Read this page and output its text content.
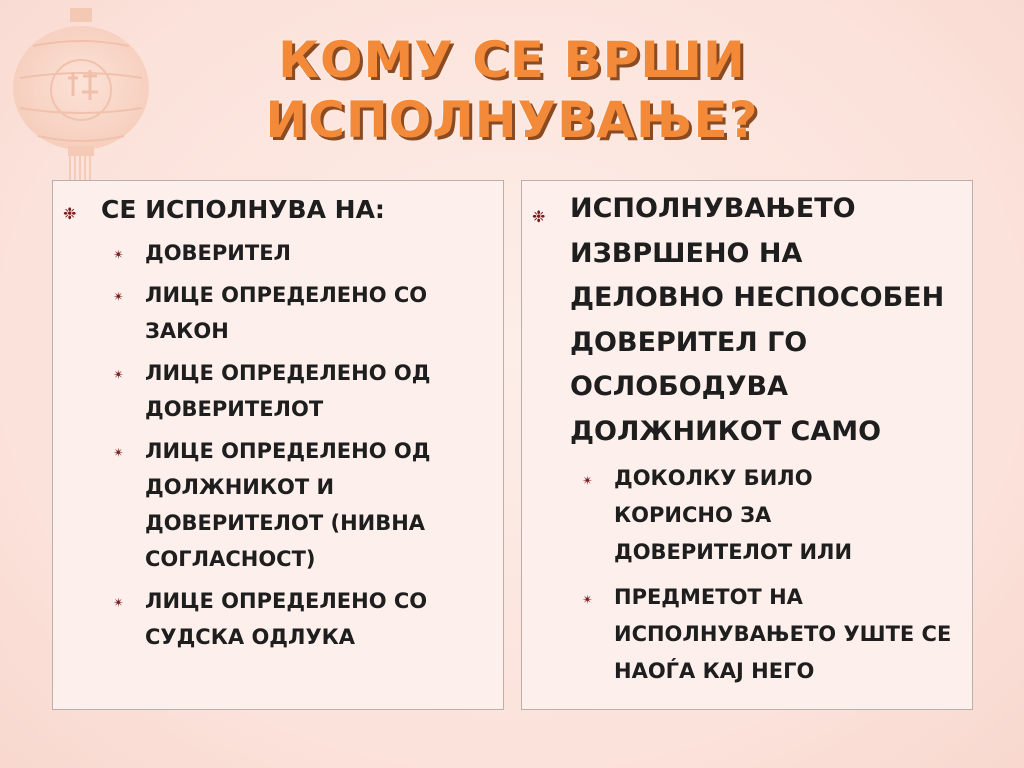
КОМУ СЕ ВРШИ
ИСПОЛНУВАЊЕ?
❉ СЕ ИСПОЛНУВА НА:
✴ ДОВЕРИТЕЛ
✴ ЛИЦЕ ОПРЕДЕЛЕНО СО ЗАКОН
✴ ЛИЦЕ ОПРЕДЕЛЕНО ОД ДОВЕРИТЕЛОТ
✴ ЛИЦЕ ОПРЕДЕЛЕНО ОД ДОЛЖНИКОТ И ДОВЕРИТЕЛОТ (НИВНА СОГЛАСНОСТ)
✴ ЛИЦЕ ОПРЕДЕЛЕНО СО СУДСКА ОДЛУКА
❉ ИСПОЛНУВАЊЕТО ИЗВРШЕНО НА ДЕЛОВНО НЕСПОСОБЕН ДОВЕРИТЕЛ ГО ОСЛОБОДУВА ДОЛЖНИКОТ САМО
✴ ДОКОЛКУ БИЛО КОРИСНО ЗА ДОВЕРИТЕЛОТ ИЛИ
✴ ПРЕДМЕТОТ НА ИСПОЛНУВАЊЕТО УШТЕ СЕ НАОЃА КАЈ НЕГО
